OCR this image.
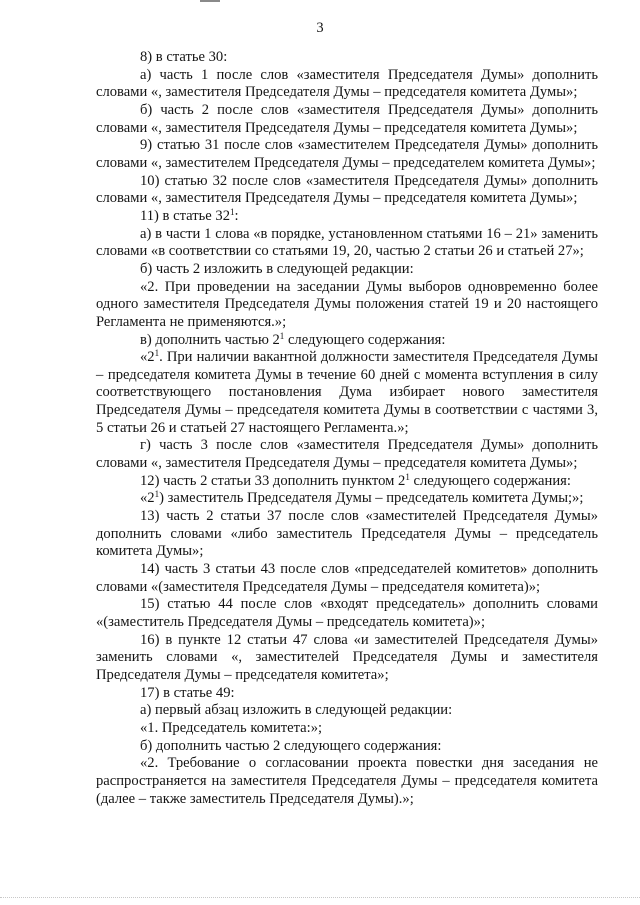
3

8) в статье 30:

а) часть 1 после слов «заместителя Председателя Думы» дополнить словами «, заместителя Председателя Думы – председателя комитета Думы»;

б) часть 2 после слов «заместителя Председателя Думы» дополнить словами «, заместителя Председателя Думы – председателя комитета Думы»;

9) статью 31 после слов «заместителем Председателя Думы» дополнить словами «, заместителем Председателя Думы – председателем комитета Думы»;

10) статью 32 после слов «заместителя Председателя Думы» дополнить словами «, заместителя Председателя Думы – председателя комитета Думы»;

11) в статье $32^1$:

а) в части 1 слова «в порядке, установленном статьями 16 – 21» заменить словами «в соответствии со статьями 19, 20, частью 2 статьи 26 и статьей 27»;

б) часть 2 изложить в следующей редакции:

«2. При проведении на заседании Думы выборов одновременно более одного заместителя Председателя Думы положения статей 19 и 20 настоящего Регламента не применяются.»;

в) дополнить частью $2^1$ следующего содержания:

«$2^1$. При наличии вакантной должности заместителя Председателя Думы – председателя комитета Думы в течение 60 дней с момента вступления в силу соответствующего постановления Дума избирает нового заместителя Председателя Думы – председателя комитета Думы в соответствии с частями 3, 5 статьи 26 и статьей 27 настоящего Регламента.»;

г) часть 3 после слов «заместителя Председателя Думы» дополнить словами «, заместителя Председателя Думы – председателя комитета Думы»;

12) часть 2 статьи 33 дополнить пунктом $2^1$ следующего содержания:

«$2^1$) заместитель Председателя Думы – председатель комитета Думы;»;

13) часть 2 статьи 37 после слов «заместителей Председателя Думы» дополнить словами «либо заместитель Председателя Думы – председатель комитета Думы»;

14) часть 3 статьи 43 после слов «председателей комитетов» дополнить словами «(заместителя Председателя Думы – председателя комитета)»;

15) статью 44 после слов «входят председатель» дополнить словами «(заместитель Председателя Думы – председатель комитета)»;

16) в пункте 12 статьи 47 слова «и заместителей Председателя Думы» заменить словами «, заместителей Председателя Думы и заместителя Председателя Думы – председателя комитета»;

17) в статье 49:

а) первый абзац изложить в следующей редакции:

«1. Председатель комитета:»;

б) дополнить частью 2 следующего содержания:

«2. Требование о согласовании проекта повестки дня заседания не распространяется на заместителя Председателя Думы – председателя комитета (далее – также заместитель Председателя Думы).»;
